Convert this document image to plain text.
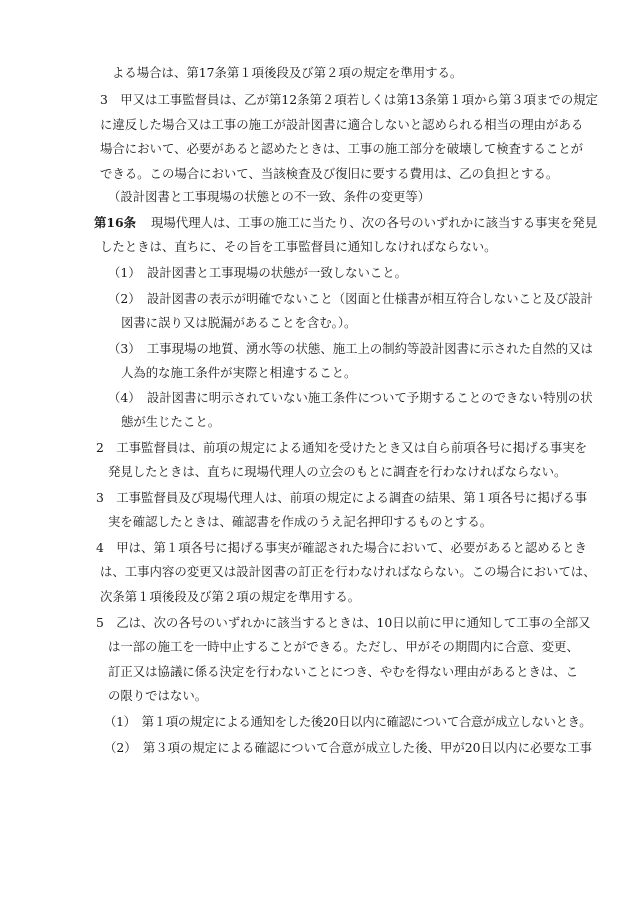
よる場合は、第17条第１項後段及び第２項の規定を準用する。
3　甲又は工事監督員は、乙が第12条第２項若しくは第13条第１項から第３項までの規定
に違反した場合又は工事の施工が設計図書に適合しないと認められる相当の理由がある
場合において、必要があると認めたときは、工事の施工部分を破壊して検査することが
できる。この場合において、当該検査及び復旧に要する費用は、乙の負担とする。
（設計図書と工事現場の状態との不一致、条件の変更等）
第16条 現場代理人は、工事の施工に当たり、次の各号のいずれかに該当する事実を発見
したときは、直ちに、その旨を工事監督員に通知しなければならない。
（1）　設計図書と工事現場の状態が一致しないこと。
（2）　設計図書の表示が明確でないこと（図面と仕様書が相互符合しないこと及び設計
図書に誤り又は脱漏があることを含む。）。
（3）　工事現場の地質、湧水等の状態、施工上の制約等設計図書に示された自然的又は
人為的な施工条件が実際と相違すること。
（4）　設計図書に明示されていない施工条件について予期することのできない特別の状
態が生じたこと。
2　工事監督員は、前項の規定による通知を受けたとき又は自ら前項各号に掲げる事実を
発見したときは、直ちに現場代理人の立会のもとに調査を行わなければならない。
3　工事監督員及び現場代理人は、前項の規定による調査の結果、第１項各号に掲げる事
実を確認したときは、確認書を作成のうえ記名押印するものとする。
4　甲は、第１項各号に掲げる事実が確認された場合において、必要があると認めるとき
は、工事内容の変更又は設計図書の訂正を行わなければならない。この場合においては、
次条第１項後段及び第２項の規定を準用する。
5　乙は、次の各号のいずれかに該当するときは、10日以前に甲に通知して工事の全部又
は一部の施工を一時中止することができる。ただし、甲がその期間内に合意、変更、
訂正又は協議に係る決定を行わないことにつき、やむを得ない理由があるときは、こ
の限りではない。
（1）　第１項の規定による通知をした後20日以内に確認について合意が成立しないとき。
（2）　第３項の規定による確認について合意が成立した後、甲が20日以内に必要な工事
